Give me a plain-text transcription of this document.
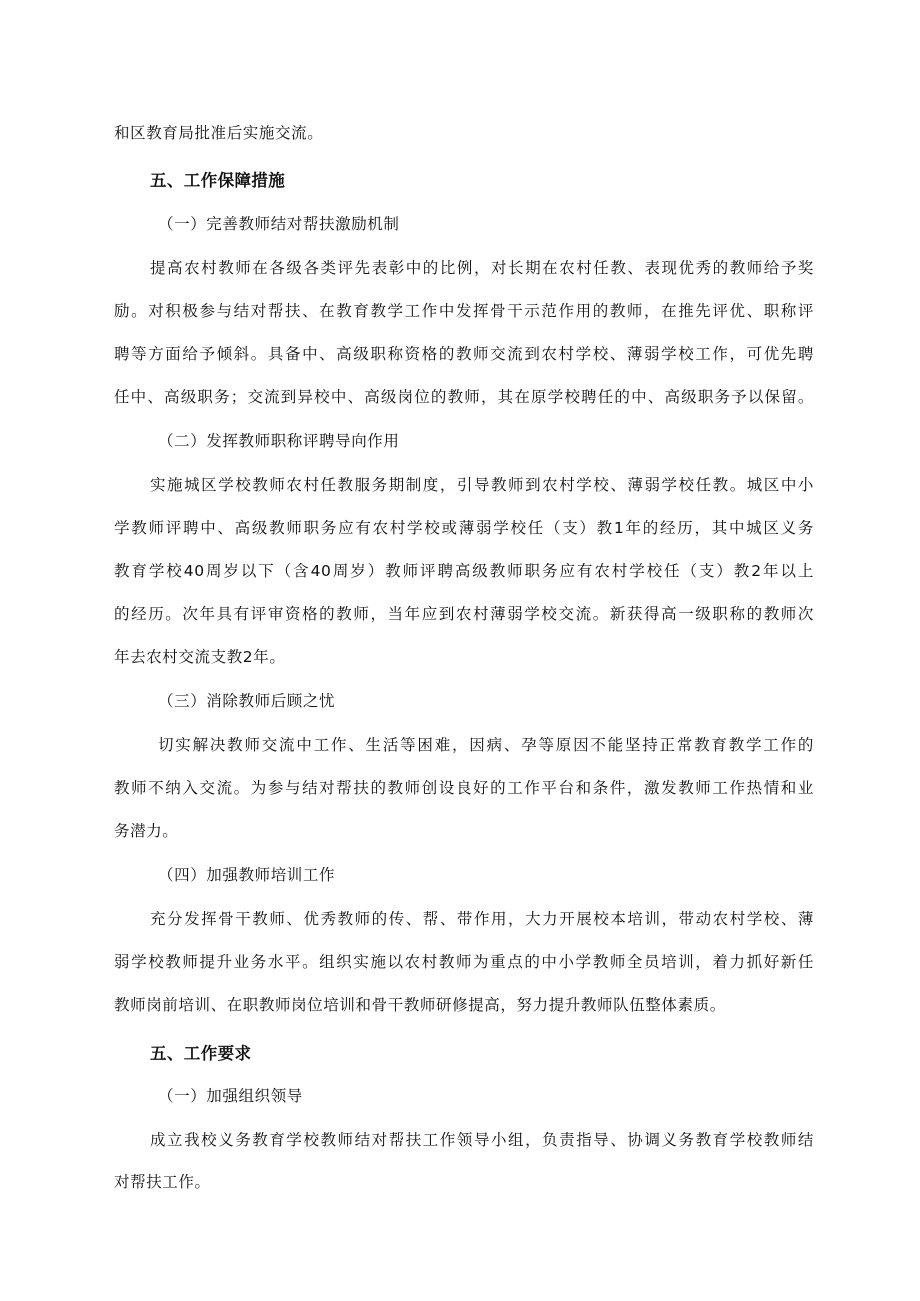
和区教育局批准后实施交流。
五、工作保障措施
（一）完善教师结对帮扶激励机制
提高农村教师在各级各类评先表彰中的比例，对长期在农村任教、表现优秀的教师给予奖
励。对积极参与结对帮扶、在教育教学工作中发挥骨干示范作用的教师，在推先评优、职称评
聘等方面给予倾斜。具备中、高级职称资格的教师交流到农村学校、薄弱学校工作，可优先聘
任中、高级职务；交流到异校中、高级岗位的教师，其在原学校聘任的中、高级职务予以保留。
（二）发挥教师职称评聘导向作用
实施城区学校教师农村任教服务期制度，引导教师到农村学校、薄弱学校任教。城区中小
学教师评聘中、高级教师职务应有农村学校或薄弱学校任（支）教1年的经历，其中城区义务
教育学校40周岁以下（含40周岁）教师评聘高级教师职务应有农村学校任（支）教2年以上
的经历。次年具有评审资格的教师，当年应到农村薄弱学校交流。新获得高一级职称的教师次
年去农村交流支教2年。
（三）消除教师后顾之忧
切实解决教师交流中工作、生活等困难，因病、孕等原因不能坚持正常教育教学工作的
教师不纳入交流。为参与结对帮扶的教师创设良好的工作平台和条件，激发教师工作热情和业
务潜力。
（四）加强教师培训工作
充分发挥骨干教师、优秀教师的传、帮、带作用，大力开展校本培训，带动农村学校、薄
弱学校教师提升业务水平。组织实施以农村教师为重点的中小学教师全员培训，着力抓好新任
教师岗前培训、在职教师岗位培训和骨干教师研修提高，努力提升教师队伍整体素质。
五、工作要求
（一）加强组织领导
成立我校义务教育学校教师结对帮扶工作领导小组，负责指导、协调义务教育学校教师结
对帮扶工作。
